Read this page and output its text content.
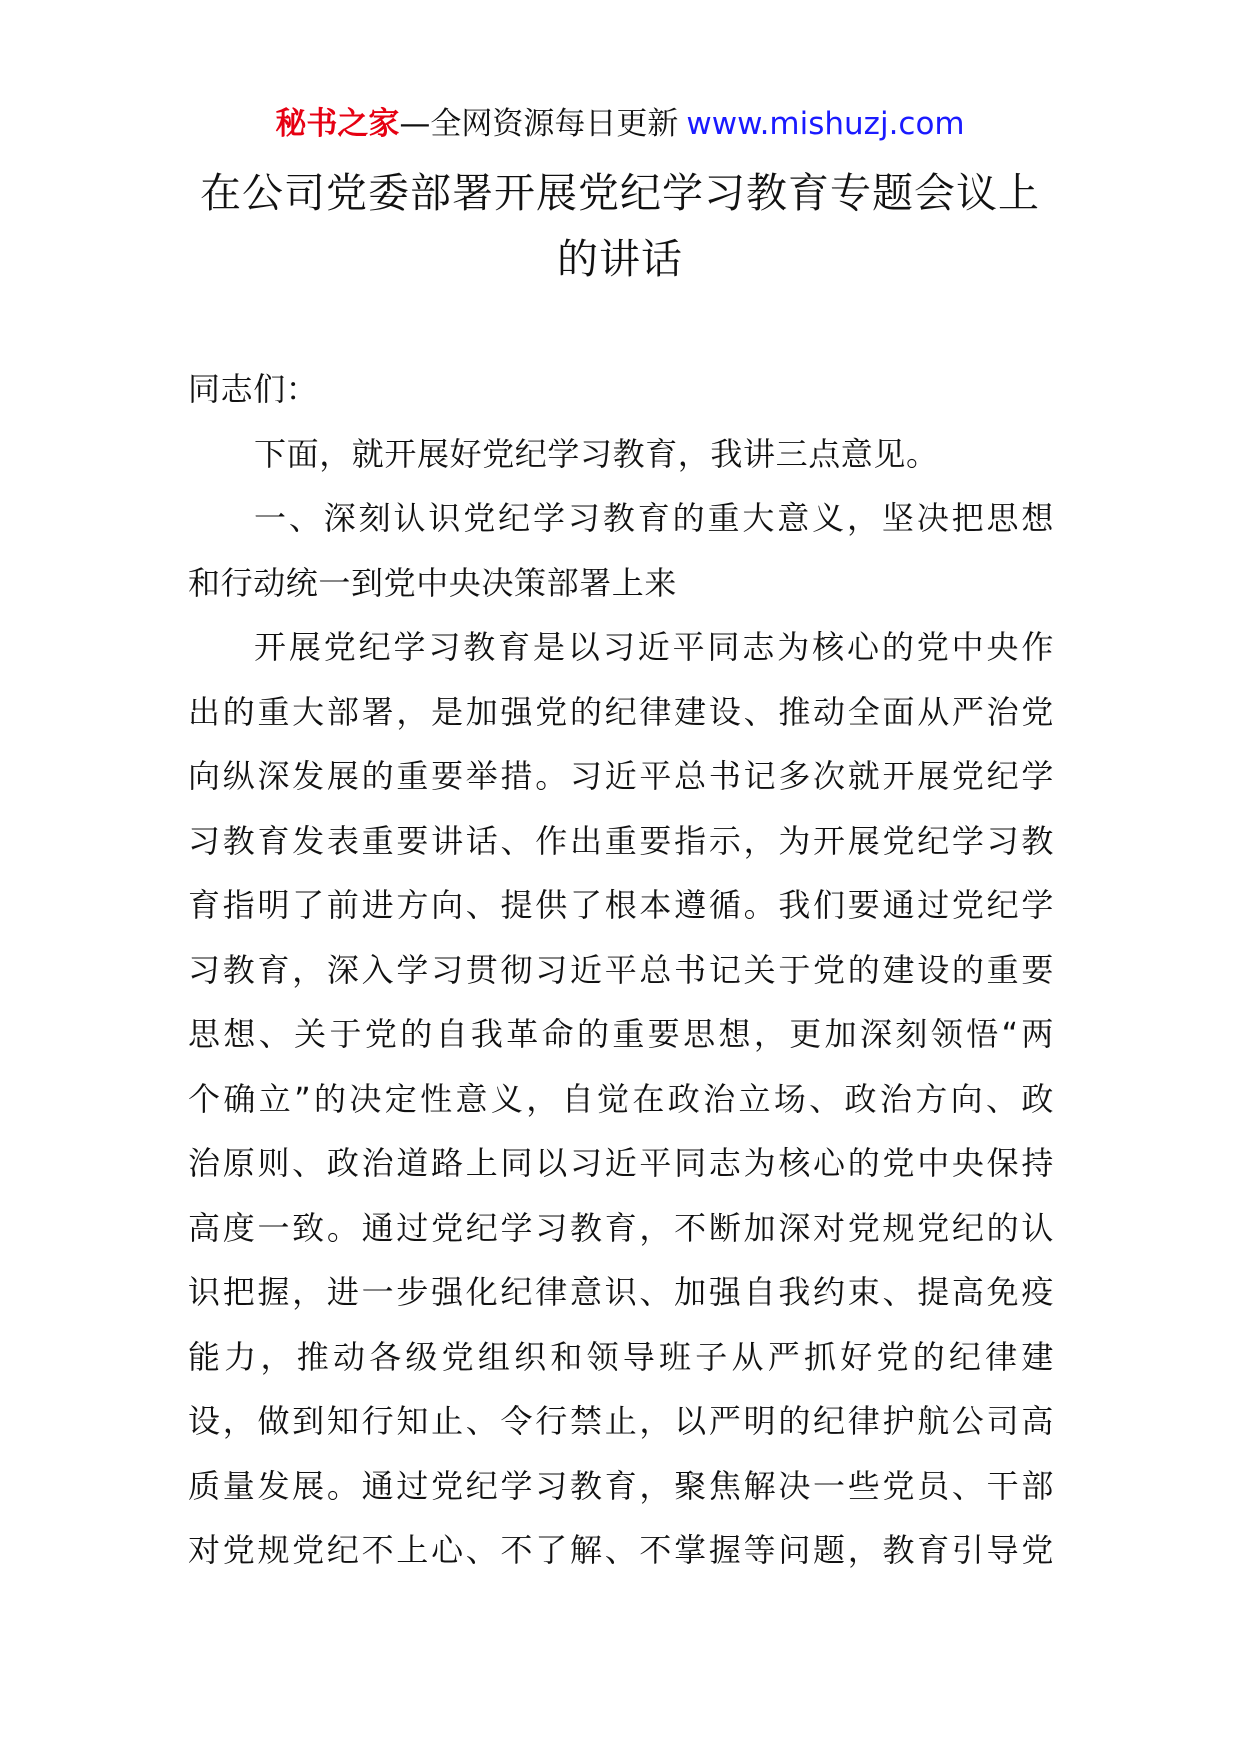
秘书之家—全网资源每日更新 www.mishuzj.com
在公司党委部署开展党纪学习教育专题会议上
的讲话
同志们：
下面，就开展好党纪学习教育，我讲三点意见。
一、深刻认识党纪学习教育的重大意义，坚决把思想
和行动统一到党中央决策部署上来
开展党纪学习教育是以习近平同志为核心的党中央作
出的重大部署，是加强党的纪律建设、推动全面从严治党
向纵深发展的重要举措。习近平总书记多次就开展党纪学
习教育发表重要讲话、作出重要指示，为开展党纪学习教
育指明了前进方向、提供了根本遵循。我们要通过党纪学
习教育，深入学习贯彻习近平总书记关于党的建设的重要
思想、关于党的自我革命的重要思想，更加深刻领悟“两
个确立”的决定性意义，自觉在政治立场、政治方向、政
治原则、政治道路上同以习近平同志为核心的党中央保持
高度一致。通过党纪学习教育，不断加深对党规党纪的认
识把握，进一步强化纪律意识、加强自我约束、提高免疫
能力，推动各级党组织和领导班子从严抓好党的纪律建
设，做到知行知止、令行禁止，以严明的纪律护航公司高
质量发展。通过党纪学习教育，聚焦解决一些党员、干部
对党规党纪不上心、不了解、不掌握等问题，教育引导党
